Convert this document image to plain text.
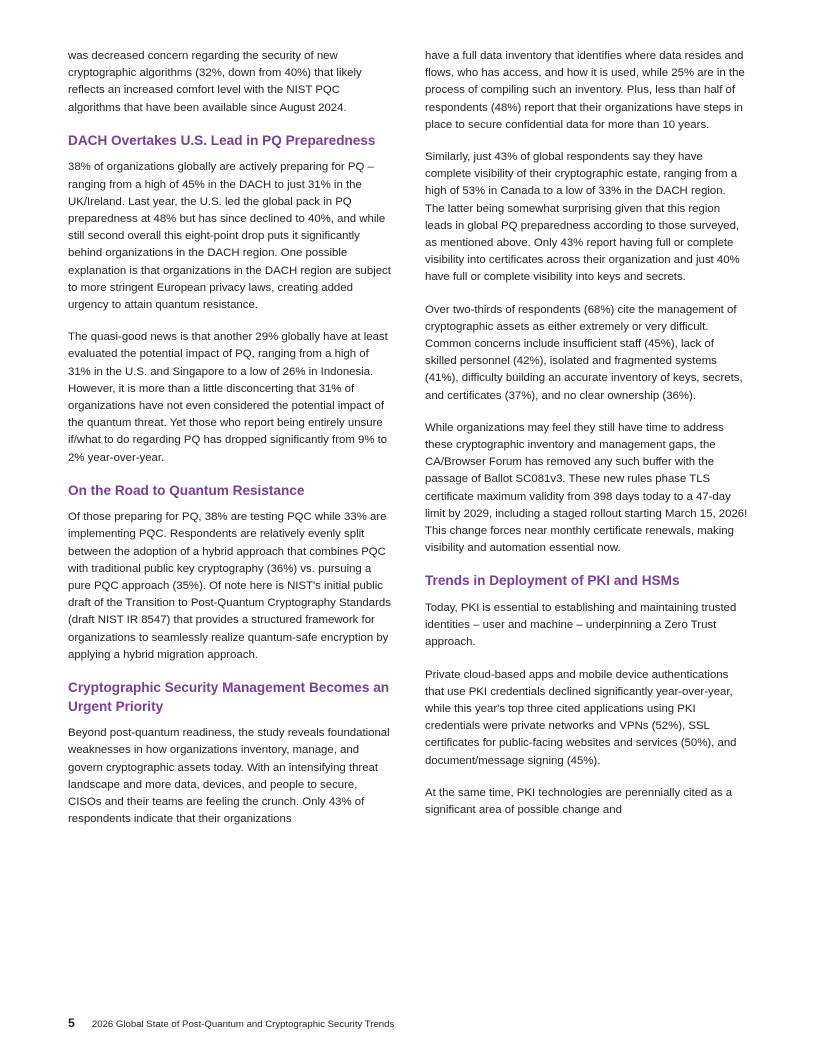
was decreased concern regarding the security of new cryptographic algorithms (32%, down from 40%) that likely reflects an increased comfort level with the NIST PQC algorithms that have been available since August 2024.

DACH Overtakes U.S. Lead in PQ Preparedness

38% of organizations globally are actively preparing for PQ – ranging from a high of 45% in the DACH to just 31% in the UK/Ireland. Last year, the U.S. led the global pack in PQ preparedness at 48% but has since declined to 40%, and while still second overall this eight-point drop puts it significantly behind organizations in the DACH region. One possible explanation is that organizations in the DACH region are subject to more stringent European privacy laws, creating added urgency to attain quantum resistance.

The quasi-good news is that another 29% globally have at least evaluated the potential impact of PQ, ranging from a high of 31% in the U.S. and Singapore to a low of 26% in Indonesia. However, it is more than a little disconcerting that 31% of organizations have not even considered the potential impact of the quantum threat. Yet those who report being entirely unsure if/what to do regarding PQ has dropped significantly from 9% to 2% year-over-year.

On the Road to Quantum Resistance

Of those preparing for PQ, 38% are testing PQC while 33% are implementing PQC. Respondents are relatively evenly split between the adoption of a hybrid approach that combines PQC with traditional public key cryptography (36%) vs. pursuing a pure PQC approach (35%). Of note here is NIST's initial public draft of the Transition to Post-Quantum Cryptography Standards (draft NIST IR 8547) that provides a structured framework for organizations to seamlessly realize quantum-safe encryption by applying a hybrid migration approach.

Cryptographic Security Management Becomes an Urgent Priority

Beyond post-quantum readiness, the study reveals foundational weaknesses in how organizations inventory, manage, and govern cryptographic assets today. With an intensifying threat landscape and more data, devices, and people to secure, CISOs and their teams are feeling the crunch. Only 43% of respondents indicate that their organizations

have a full data inventory that identifies where data resides and flows, who has access, and how it is used, while 25% are in the process of compiling such an inventory. Plus, less than half of respondents (48%) report that their organizations have steps in place to secure confidential data for more than 10 years.

Similarly, just 43% of global respondents say they have complete visibility of their cryptographic estate, ranging from a high of 53% in Canada to a low of 33% in the DACH region. The latter being somewhat surprising given that this region leads in global PQ preparedness according to those surveyed, as mentioned above. Only 43% report having full or complete visibility into certificates across their organization and just 40% have full or complete visibility into keys and secrets.

Over two-thirds of respondents (68%) cite the management of cryptographic assets as either extremely or very difficult. Common concerns include insufficient staff (45%), lack of skilled personnel (42%), isolated and fragmented systems (41%), difficulty building an accurate inventory of keys, secrets, and certificates (37%), and no clear ownership (36%).

While organizations may feel they still have time to address these cryptographic inventory and management gaps, the CA/Browser Forum has removed any such buffer with the passage of Ballot SC081v3. These new rules phase TLS certificate maximum validity from 398 days today to a 47-day limit by 2029, including a staged rollout starting March 15, 2026! This change forces near monthly certificate renewals, making visibility and automation essential now.

Trends in Deployment of PKI and HSMs

Today, PKI is essential to establishing and maintaining trusted identities – user and machine – underpinning a Zero Trust approach.

Private cloud-based apps and mobile device authentications that use PKI credentials declined significantly year-over-year, while this year's top three cited applications using PKI credentials were private networks and VPNs (52%), SSL certificates for public-facing websites and services (50%), and document/message signing (45%).

At the same time, PKI technologies are perennially cited as a significant area of possible change and

5 2026 Global State of Post-Quantum and Cryptographic Security Trends
